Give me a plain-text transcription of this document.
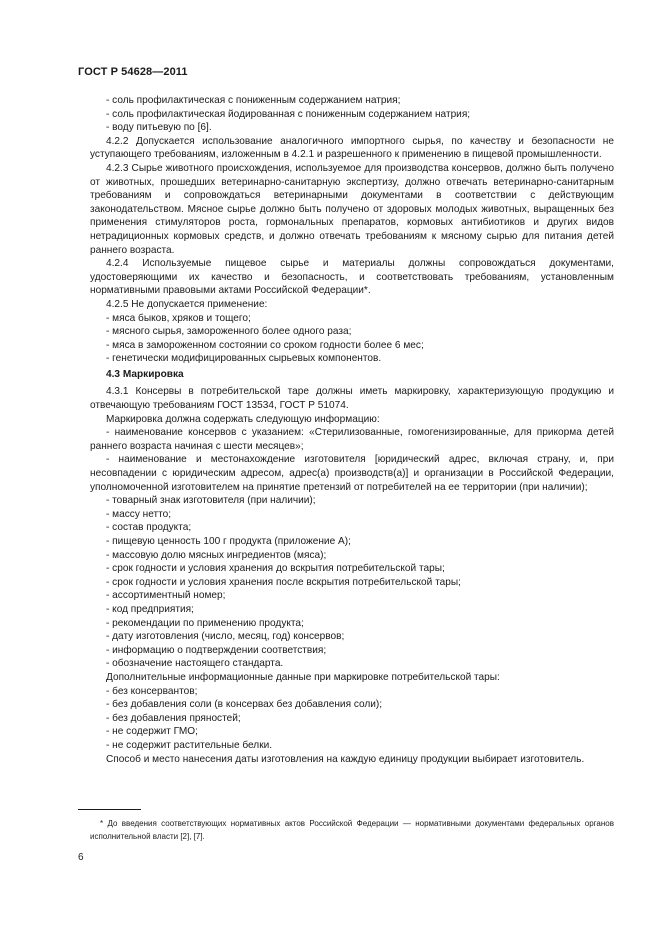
ГОСТ Р 54628—2011

- соль профилактическая с пониженным содержанием натрия;

- соль профилактическая йодированная с пониженным содержанием натрия;

- воду питьевую по [6].

4.2.2 Допускается использование аналогичного импортного сырья, по качеству и безопасности не уступающего требованиям, изложенным в 4.2.1 и разрешенного к применению в пищевой промышленности.

4.2.3 Сырье животного происхождения, используемое для производства консервов, должно быть получено от животных, прошедших ветеринарно-санитарную экспертизу, должно отвечать ветеринарно-санитарным требованиям и сопровождаться ветеринарными документами в соответствии с действующим законодательством. Мясное сырье должно быть получено от здоровых молодых животных, выращенных без применения стимуляторов роста, гормональных препаратов, кормовых антибиотиков и других видов нетрадиционных кормовых средств, и должно отвечать требованиям к мясному сырью для питания детей раннего возраста.

4.2.4 Используемые пищевое сырье и материалы должны сопровождаться документами, удостоверяющими их качество и безопасность, и соответствовать требованиям, установленным нормативными правовыми актами Российской Федерации*.

4.2.5 Не допускается применение:

- мяса быков, хряков и тощего;

- мясного сырья, замороженного более одного раза;

- мяса в замороженном состоянии со сроком годности более 6 мес;

- генетически модифицированных сырьевых компонентов.

4.3 Маркировка

4.3.1 Консервы в потребительской таре должны иметь маркировку, характеризующую продукцию и отвечающую требованиям ГОСТ 13534, ГОСТ Р 51074.

Маркировка должна содержать следующую информацию:

- наименование консервов с указанием: «Стерилизованные, гомогенизированные, для прикорма детей раннего возраста начиная с шести месяцев»;

- наименование и местонахождение изготовителя [юридический адрес, включая страну, и, при несовпадении с юридическим адресом, адрес(а) производств(а)] и организации в Российской Федерации, уполномоченной изготовителем на принятие претензий от потребителей на ее территории (при наличии);

- товарный знак изготовителя (при наличии);

- массу нетто;

- состав продукта;

- пищевую ценность 100 г продукта (приложение А);

- массовую долю мясных ингредиентов (мяса);

- срок годности и условия хранения до вскрытия потребительской тары;

- срок годности и условия хранения после вскрытия потребительской тары;

- ассортиментный номер;

- код предприятия;

- рекомендации по применению продукта;

- дату изготовления (число, месяц, год) консервов;

- информацию о подтверждении соответствия;

- обозначение настоящего стандарта.

Дополнительные информационные данные при маркировке потребительской тары:

- без консервантов;

- без добавления соли (в консервах без добавления соли);

- без добавления пряностей;

- не содержит ГМО;

- не содержит растительные белки.

Способ и место нанесения даты изготовления на каждую единицу продукции выбирает изготовитель.

* До введения соответствующих нормативных актов Российской Федерации — нормативными документами федеральных органов исполнительной власти [2], [7].
6
